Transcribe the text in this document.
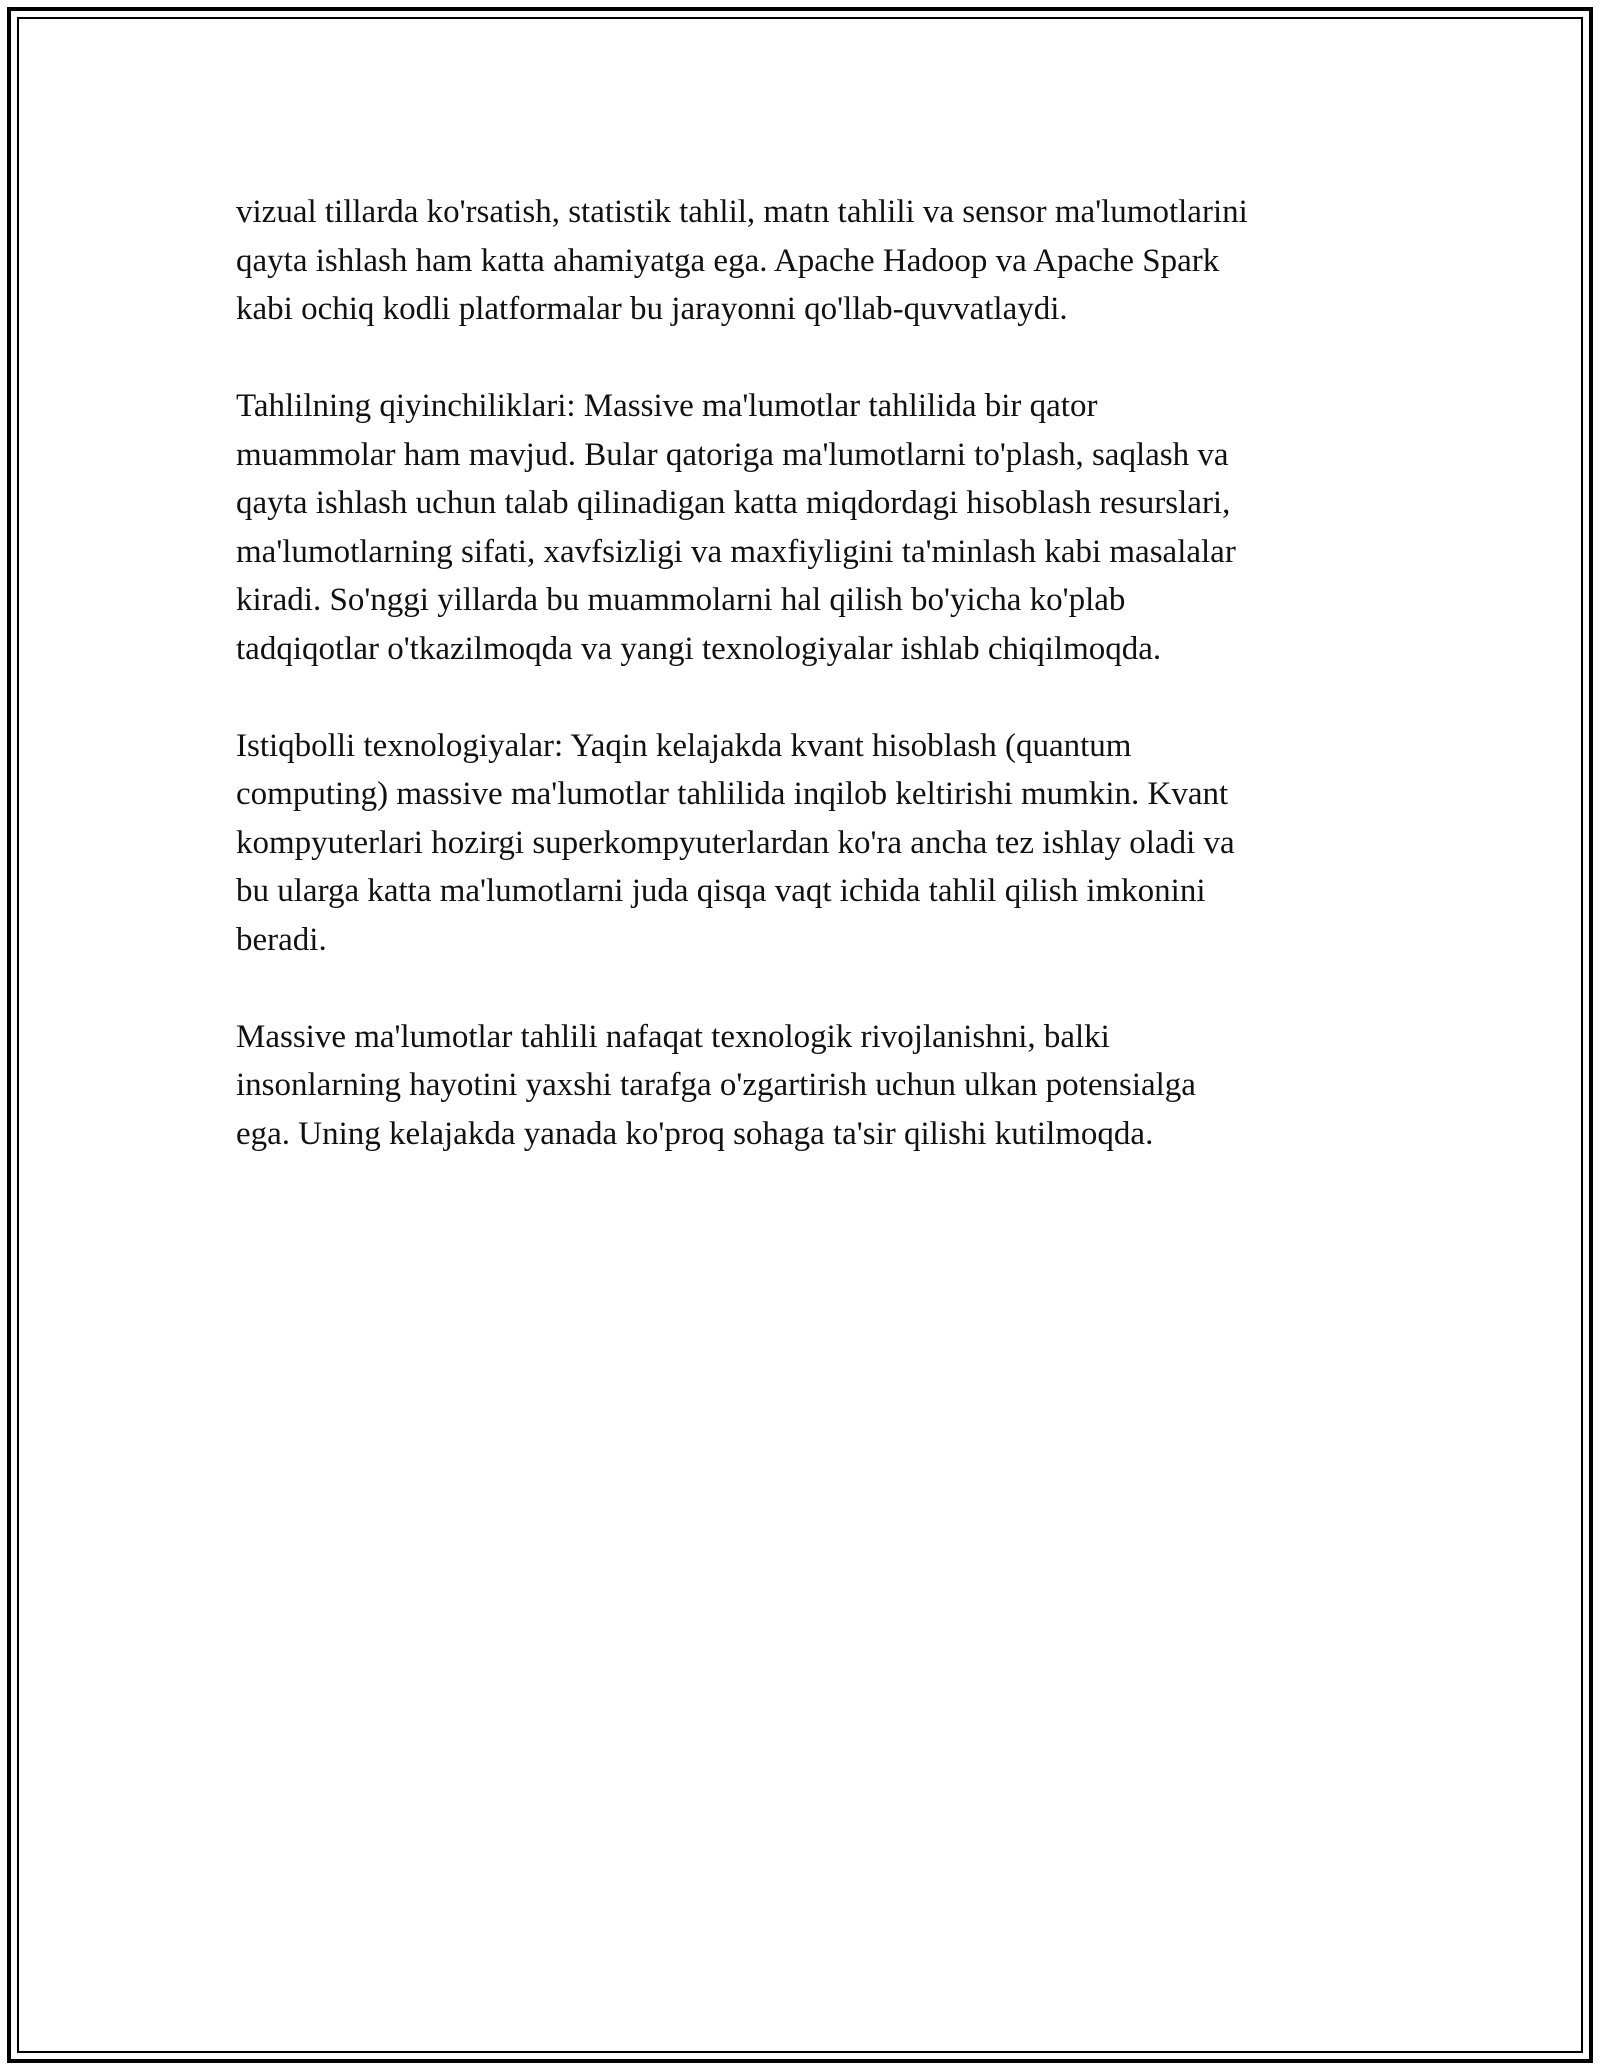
vizual tillarda ko'rsatish, statistik tahlil, matn tahlili va sensor ma'lumotlarini
qayta ishlash ham katta ahamiyatga ega. Apache Hadoop va Apache Spark
kabi ochiq kodli platformalar bu jarayonni qo'llab-quvvatlaydi.

Tahlilning qiyinchiliklari: Massive ma'lumotlar tahlilida bir qator
muammolar ham mavjud. Bular qatoriga ma'lumotlarni to'plash, saqlash va
qayta ishlash uchun talab qilinadigan katta miqdordagi hisoblash resurslari,
ma'lumotlarning sifati, xavfsizligi va maxfiyligini ta'minlash kabi masalalar
kiradi. So'nggi yillarda bu muammolarni hal qilish bo'yicha ko'plab
tadqiqotlar o'tkazilmoqda va yangi texnologiyalar ishlab chiqilmoqda.

Istiqbolli texnologiyalar: Yaqin kelajakda kvant hisoblash (quantum
computing) massive ma'lumotlar tahlilida inqilob keltirishi mumkin. Kvant
kompyuterlari hozirgi superkompyuterlardan ko'ra ancha tez ishlay oladi va
bu ularga katta ma'lumotlarni juda qisqa vaqt ichida tahlil qilish imkonini
beradi.

Massive ma'lumotlar tahlili nafaqat texnologik rivojlanishni, balki
insonlarning hayotini yaxshi tarafga o'zgartirish uchun ulkan potensialga
ega. Uning kelajakda yanada ko'proq sohaga ta'sir qilishi kutilmoqda.
